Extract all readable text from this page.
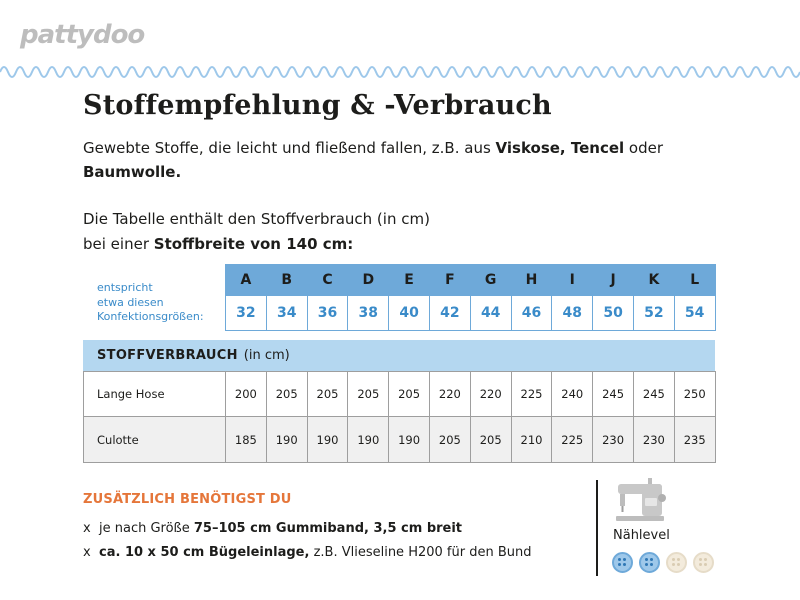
pattydoo
Stoffempfehlung & -Verbrauch

Gewebte Stoffe, die leicht und fließend fallen, z.B. aus Viskose, Tencel oder
Baumwolle.

Die Tabelle enthält den Stoffverbrauch (in cm)
bei einer Stoffbreite von 140 cm:

entspricht
etwa diesen
Konfektionsgrößen:
A	B	C	D	E	F	G	H	I	J	K	L
32	34	36	38	40	42	44	46	48	50	52	54
STOFFVERBRAUCH (in cm)
Lange Hose	200	205	205	205	205	220	220	225	240	245	245	250
Culotte	185	190	190	190	190	205	205	210	225	230	230	235
ZUSÄTZLICH BENÖTIGST DU
x je nach Größe 75–105 cm Gummiband, 3,5 cm breit
x ca. 10 x 50 cm Bügeleinlage, z.B. Vlieseline H200 für den Bund
Nählevel
